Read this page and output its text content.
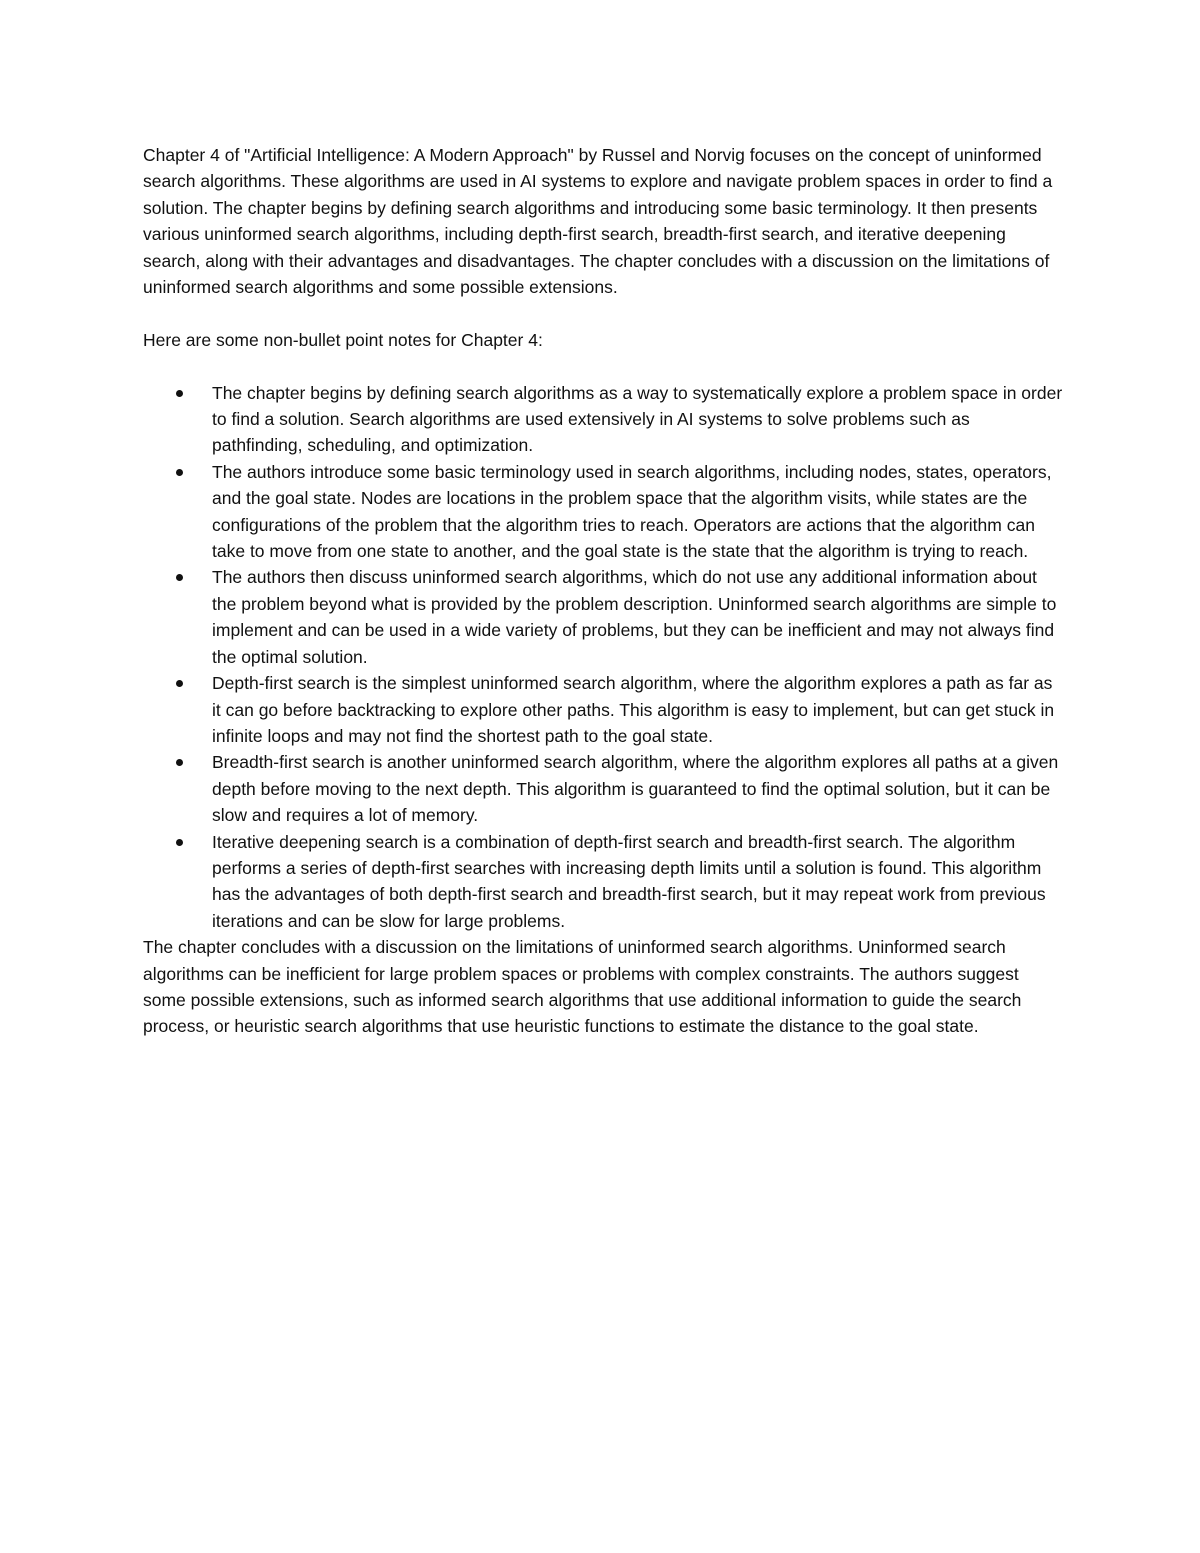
Chapter 4 of "Artificial Intelligence: A Modern Approach" by Russel and Norvig focuses on the concept of uninformed search algorithms. These algorithms are used in AI systems to explore and navigate problem spaces in order to find a solution. The chapter begins by defining search algorithms and introducing some basic terminology. It then presents various uninformed search algorithms, including depth-first search, breadth-first search, and iterative deepening search, along with their advantages and disadvantages. The chapter concludes with a discussion on the limitations of uninformed search algorithms and some possible extensions.

Here are some non-bullet point notes for Chapter 4:

The chapter begins by defining search algorithms as a way to systematically explore a problem space in order to find a solution. Search algorithms are used extensively in AI systems to solve problems such as pathfinding, scheduling, and optimization.
The authors introduce some basic terminology used in search algorithms, including nodes, states, operators, and the goal state. Nodes are locations in the problem space that the algorithm visits, while states are the configurations of the problem that the algorithm tries to reach. Operators are actions that the algorithm can take to move from one state to another, and the goal state is the state that the algorithm is trying to reach.
The authors then discuss uninformed search algorithms, which do not use any additional information about the problem beyond what is provided by the problem description. Uninformed search algorithms are simple to implement and can be used in a wide variety of problems, but they can be inefficient and may not always find the optimal solution.
Depth-first search is the simplest uninformed search algorithm, where the algorithm explores a path as far as it can go before backtracking to explore other paths. This algorithm is easy to implement, but can get stuck in infinite loops and may not find the shortest path to the goal state.
Breadth-first search is another uninformed search algorithm, where the algorithm explores all paths at a given depth before moving to the next depth. This algorithm is guaranteed to find the optimal solution, but it can be slow and requires a lot of memory.
Iterative deepening search is a combination of depth-first search and breadth-first search. The algorithm performs a series of depth-first searches with increasing depth limits until a solution is found. This algorithm has the advantages of both depth-first search and breadth-first search, but it may repeat work from previous iterations and can be slow for large problems.

The chapter concludes with a discussion on the limitations of uninformed search algorithms. Uninformed search algorithms can be inefficient for large problem spaces or problems with complex constraints. The authors suggest some possible extensions, such as informed search algorithms that use additional information to guide the search process, or heuristic search algorithms that use heuristic functions to estimate the distance to the goal state.
